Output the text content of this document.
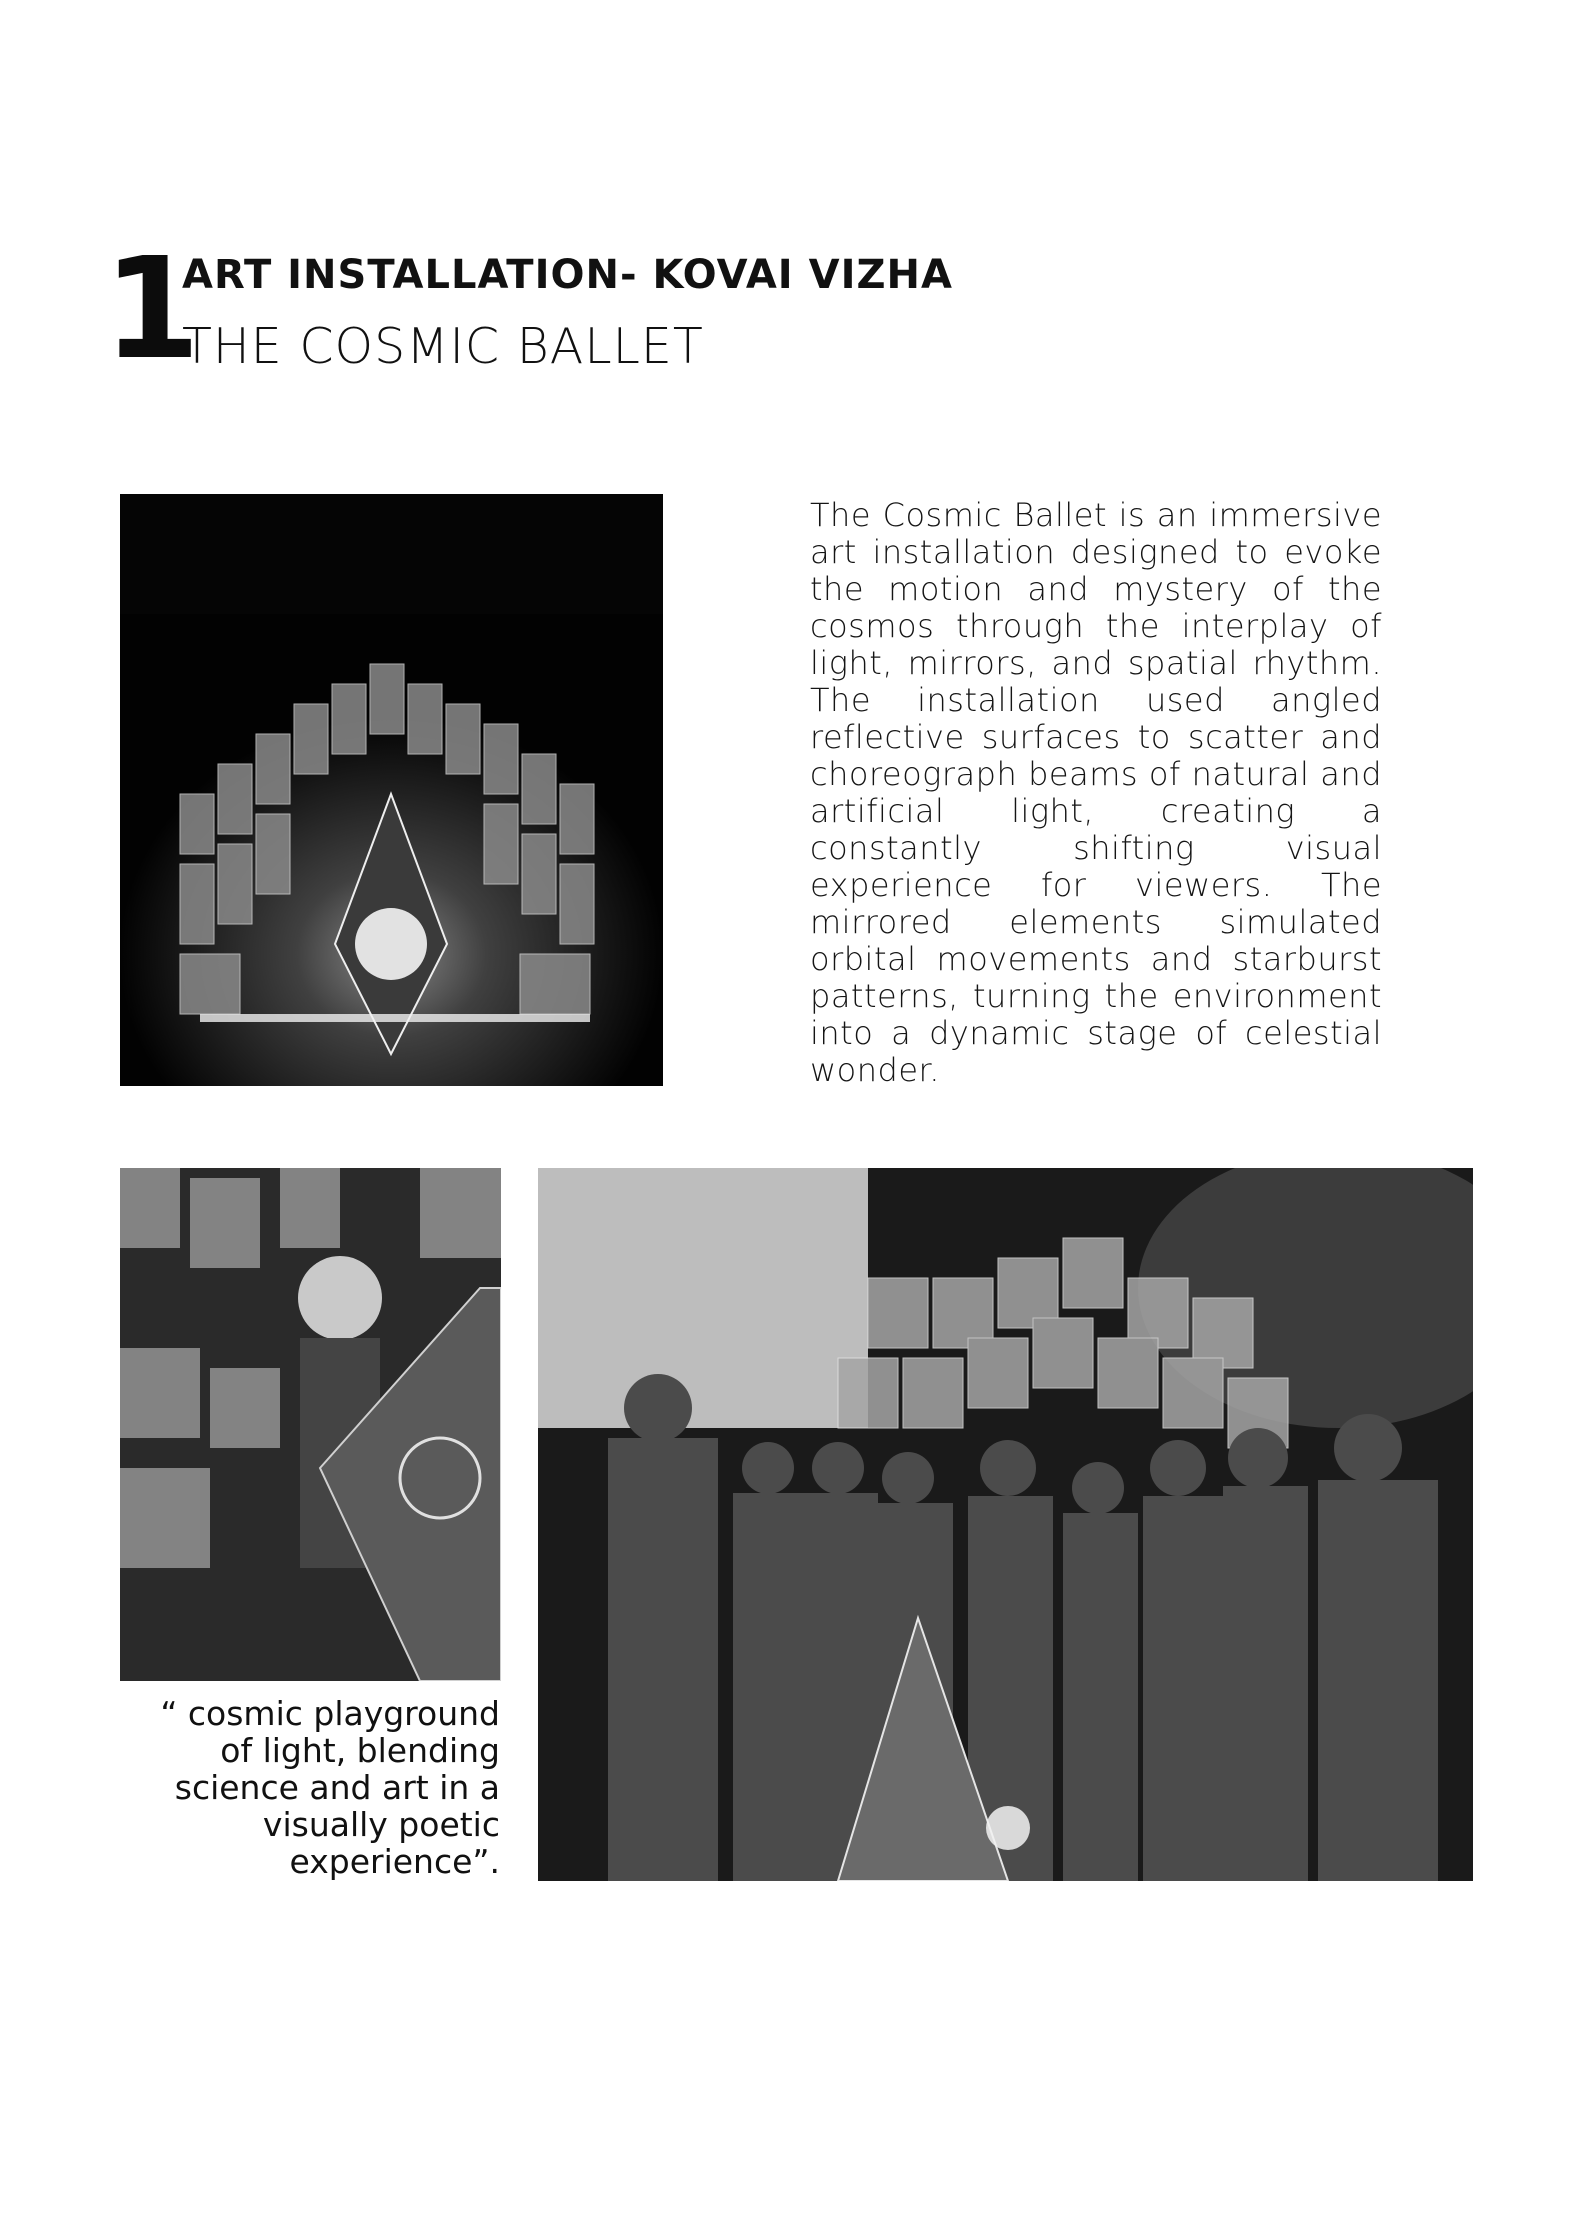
1
ART INSTALLATION- KOVAI VIZHA
THE COSMIC BALLET

The Cosmic Ballet is an immersive art installation designed to evoke the motion and mystery of the cosmos through the interplay of light, mirrors, and spatial rhythm. The installation used angled reflective surfaces to scatter and choreograph beams of natural and artificial light, creating a constantly shifting visual experience for viewers. The mirrored elements simulated orbital movements and starburst patterns, turning the environment into a dynamic stage of celestial wonder.

“ cosmic playground of light, blending science and art in a visually poetic experience”.
